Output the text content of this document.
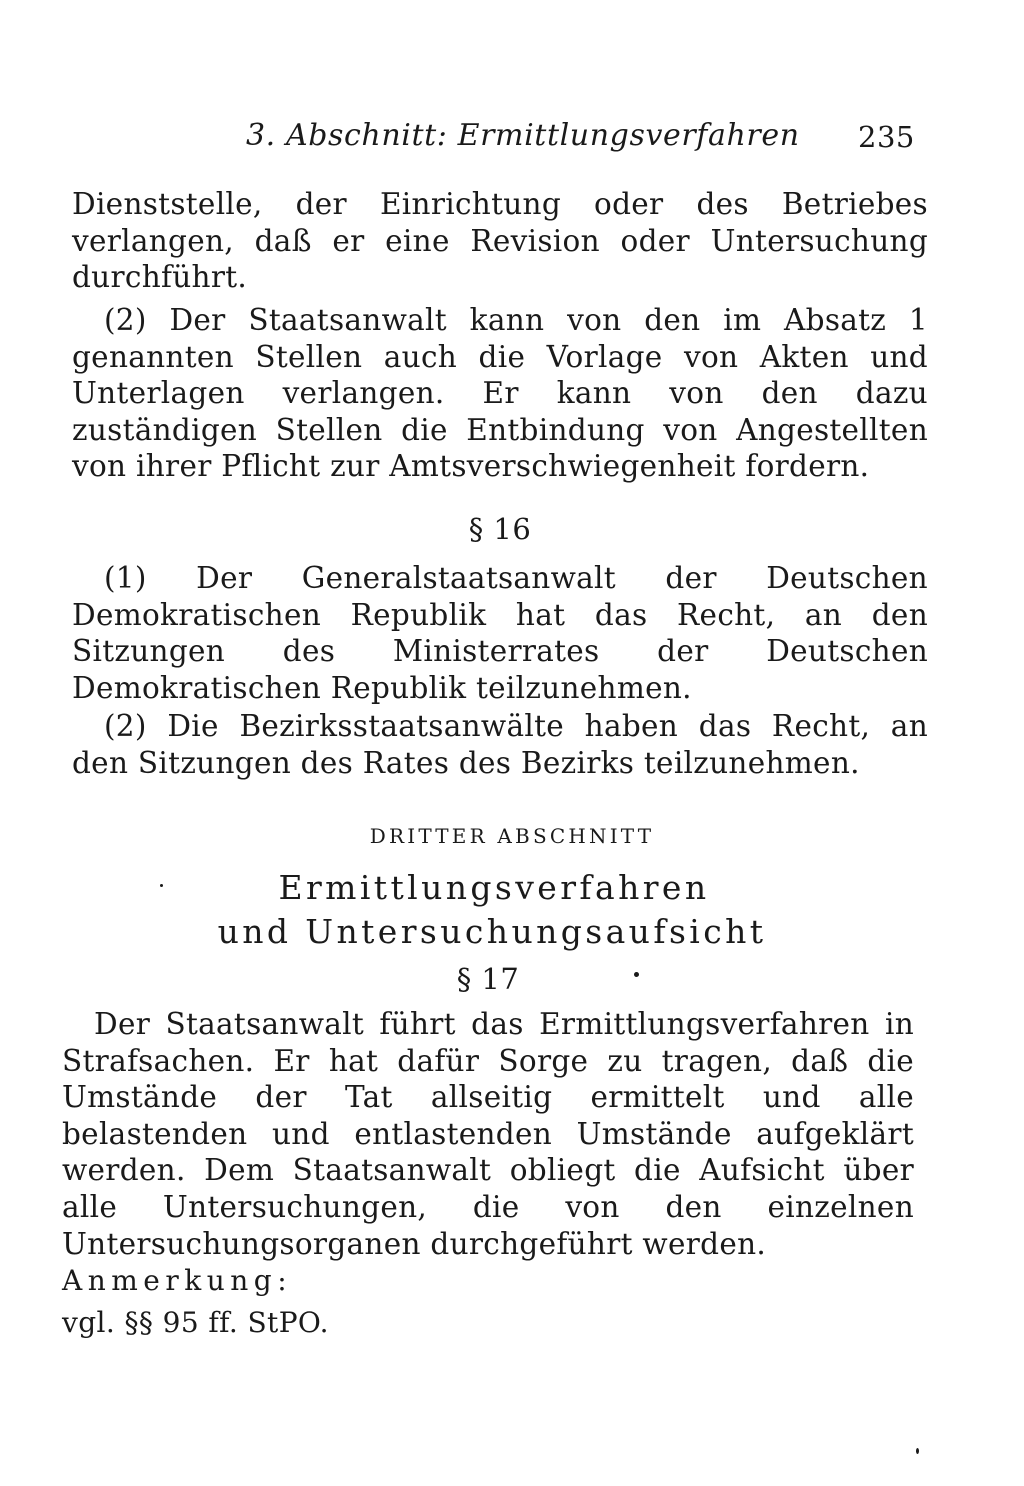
3. Abschnitt: Ermittlungsverfahren 235

Dienststelle, der Einrichtung oder des Betriebes verlangen, daß er eine Revision oder Untersuchung durchführt.

(2) Der Staatsanwalt kann von den im Absatz 1 genannten Stellen auch die Vorlage von Akten und Unterlagen verlangen. Er kann von den dazu zuständigen Stellen die Entbindung von Angestellten von ihrer Pflicht zur Amtsverschwiegenheit fordern.

§ 16

(1) Der Generalstaatsanwalt der Deutschen Demokratischen Republik hat das Recht, an den Sitzungen des Ministerrates der Deutschen Demokratischen Republik teilzunehmen.

(2) Die Bezirksstaatsanwälte haben das Recht, an den Sitzungen des Rates des Bezirks teilzunehmen.

DRITTER ABSCHNITT
Ermittlungsverfahren
und Untersuchungsaufsicht
§ 17

Der Staatsanwalt führt das Ermittlungsverfahren in Strafsachen. Er hat dafür Sorge zu tragen, daß die Umstände der Tat allseitig ermittelt und alle belastenden und entlastenden Umstände aufgeklärt werden. Dem Staatsanwalt obliegt die Aufsicht über alle Untersuchungen, die von den einzelnen Untersuchungsorganen durchgeführt werden.

Anmerkung:
vgl. §§ 95 ff. StPO.
